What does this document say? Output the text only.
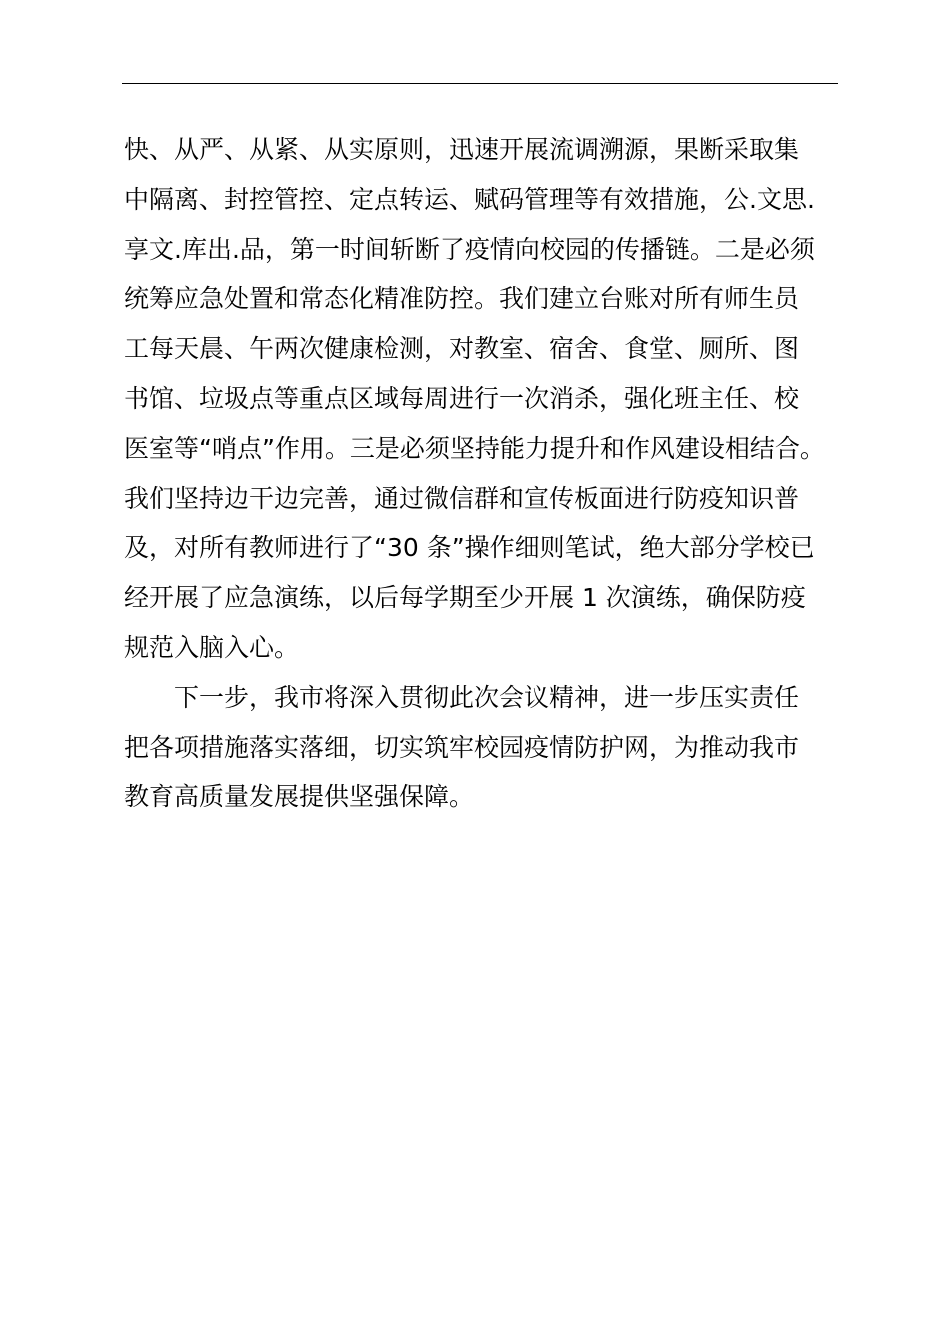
快、从严、从紧、从实原则，迅速开展流调溯源，果断采取集
中隔离、封控管控、定点转运、赋码管理等有效措施，公.文思.
享文.库出.品，第一时间斩断了疫情向校园的传播链。二是必须
统筹应急处置和常态化精准防控。我们建立台账对所有师生员
工每天晨、午两次健康检测，对教室、宿舍、食堂、厕所、图
书馆、垃圾点等重点区域每周进行一次消杀，强化班主任、校
医室等“哨点”作用。三是必须坚持能力提升和作风建设相结合。
我们坚持边干边完善，通过微信群和宣传板面进行防疫知识普
及，对所有教师进行了“30 条”操作细则笔试，绝大部分学校已
经开展了应急演练，以后每学期至少开展 1 次演练，确保防疫
规范入脑入心。
下一步，我市将深入贯彻此次会议精神，进一步压实责任
把各项措施落实落细，切实筑牢校园疫情防护网，为推动我市
教育高质量发展提供坚强保障。
